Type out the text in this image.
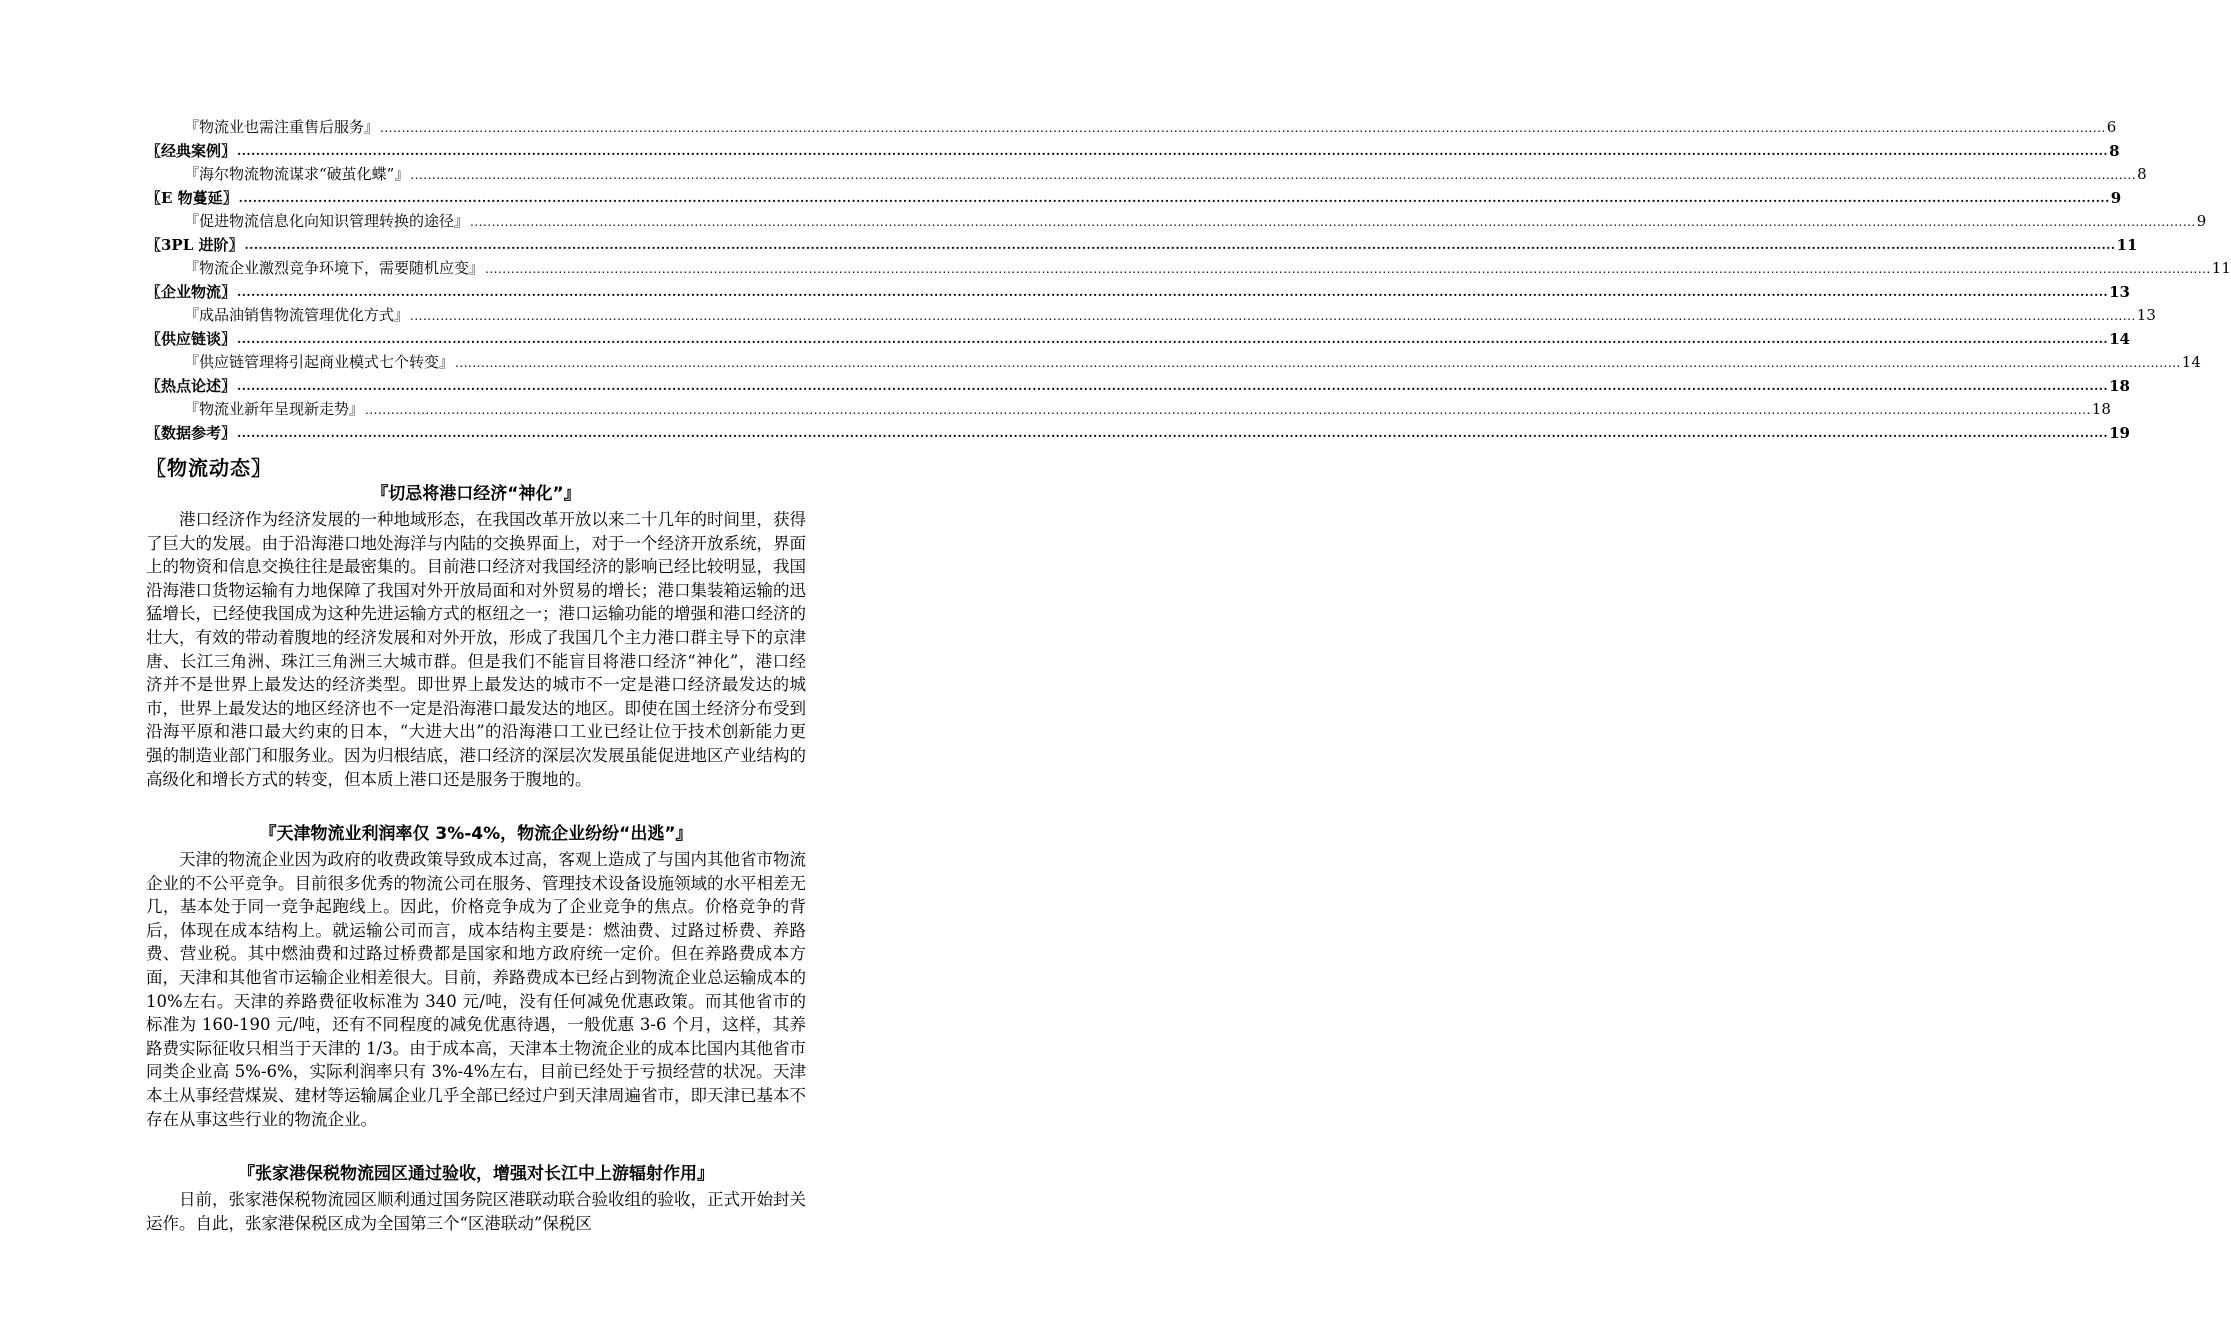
『物流业也需注重售后服务』 ................................................................................................................................................................................................................................................................................................................................................................................................................ 6
〖经典案例〗 ................................................................................................................................................................................................................................................................................................................................................................................................................ 8
『海尔物流物流谋求“破茧化蝶”』 ................................................................................................................................................................................................................................................................................................................................................................................................................ 8
〖E 物蔓延〗 ................................................................................................................................................................................................................................................................................................................................................................................................................ 9
『促进物流信息化向知识管理转换的途径』 ................................................................................................................................................................................................................................................................................................................................................................................................................ 9
〖3PL 进阶〗 ................................................................................................................................................................................................................................................................................................................................................................................................................ 11
『物流企业激烈竞争环境下，需要随机应变』 ................................................................................................................................................................................................................................................................................................................................................................................................................ 11
〖企业物流〗 ................................................................................................................................................................................................................................................................................................................................................................................................................ 13
『成品油销售物流管理优化方式』 ................................................................................................................................................................................................................................................................................................................................................................................................................ 13
〖供应链谈〗 ................................................................................................................................................................................................................................................................................................................................................................................................................ 14
『供应链管理将引起商业模式七个转变』 ................................................................................................................................................................................................................................................................................................................................................................................................................ 14
〖热点论述〗 ................................................................................................................................................................................................................................................................................................................................................................................................................ 18
『物流业新年呈现新走势』 ................................................................................................................................................................................................................................................................................................................................................................................................................ 18
〖数据参考〗 ................................................................................................................................................................................................................................................................................................................................................................................................................ 19
〖物流动态〗
『切忌将港口经济“神化”』

港口经济作为经济发展的一种地域形态，在我国改革开放以来二十几年的时间里，获得了巨大的发展。由于沿海港口地处海洋与内陆的交换界面上，对于一个经济开放系统，界面上的物资和信息交换往往是最密集的。目前港口经济对我国经济的影响已经比较明显，我国沿海港口货物运输有力地保障了我国对外开放局面和对外贸易的增长；港口集装箱运输的迅猛增长，已经使我国成为这种先进运输方式的枢纽之一；港口运输功能的增强和港口经济的壮大，有效的带动着腹地的经济发展和对外开放，形成了我国几个主力港口群主导下的京津唐、长江三角洲、珠江三角洲三大城市群。但是我们不能盲目将港口经济“神化”，港口经济并不是世界上最发达的经济类型。即世界上最发达的城市不一定是港口经济最发达的城市，世界上最发达的地区经济也不一定是沿海港口最发达的地区。即使在国土经济分布受到沿海平原和港口最大约束的日本，“大进大出”的沿海港口工业已经让位于技术创新能力更强的制造业部门和服务业。因为归根结底，港口经济的深层次发展虽能促进地区产业结构的高级化和增长方式的转变，但本质上港口还是服务于腹地的。

『天津物流业利润率仅 3%-4%，物流企业纷纷“出逃”』

天津的物流企业因为政府的收费政策导致成本过高，客观上造成了与国内其他省市物流企业的不公平竞争。目前很多优秀的物流公司在服务、管理技术设备设施领域的水平相差无几，基本处于同一竞争起跑线上。因此，价格竞争成为了企业竞争的焦点。价格竞争的背后，体现在成本结构上。就运输公司而言，成本结构主要是：燃油费、过路过桥费、养路费、营业税。其中燃油费和过路过桥费都是国家和地方政府统一定价。但在养路费成本方面，天津和其他省市运输企业相差很大。目前，养路费成本已经占到物流企业总运输成本的10%左右。天津的养路费征收标准为 340 元/吨，没有任何减免优惠政策。而其他省市的标准为 160-190 元/吨，还有不同程度的减免优惠待遇，一般优惠 3-6 个月，这样，其养路费实际征收只相当于天津的 1/3。由于成本高，天津本土物流企业的成本比国内其他省市同类企业高 5%-6%，实际利润率只有 3%-4%左右，目前已经处于亏损经营的状况。天津本土从事经营煤炭、建材等运输属企业几乎全部已经过户到天津周遍省市，即天津已基本不存在从事这些行业的物流企业。

『张家港保税物流园区通过验收，增强对长江中上游辐射作用』

日前，张家港保税物流园区顺利通过国务院区港联动联合验收组的验收，正式开始封关运作。自此，张家港保税区成为全国第三个“区港联动”保税区
